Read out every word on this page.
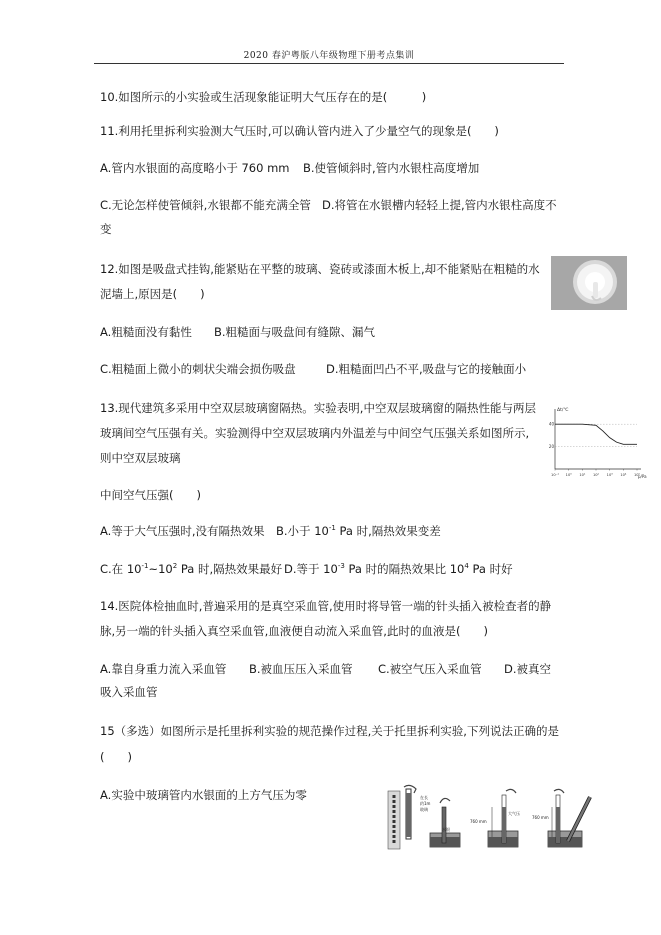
2020 春沪粤版八年级物理下册考点集训
10.如图所示的小实验或生活现象能证明大气压存在的是(　　　)
11.利用托里拆利实验测大气压时,可以确认管内进入了少量空气的现象是(　　)
A.管内水银面的高度略小于 760 mm B.使管倾斜时,管内水银柱高度增加
C.无论怎样使管倾斜,水银都不能充满全管 D.将管在水银槽内轻轻上提,管内水银柱高度不
变
12.如图是吸盘式挂钩,能紧贴在平整的玻璃、瓷砖或漆面木板上,却不能紧贴在粗糙的水
泥墙上,原因是(　　)
A.粗糙面没有黏性 B.粗糙面与吸盘间有缝隙、漏气
C.粗糙面上微小的刺状尖端会损伤吸盘	D.粗糙面凹凸不平,吸盘与它的接触面小
13.现代建筑多采用中空双层玻璃窗隔热。实验表明,中空双层玻璃窗的隔热性能与两层
玻璃间空气压强有关。实验测得中空双层玻璃内外温差与中间空气压强关系如图所示,
则中空双层玻璃
中间空气压强(　　)
Δt/℃
p/Pa
20
40
10⁻¹ 10⁰ 10¹ 10² 10³ 10⁴ 10⁵
A.等于大气压强时,没有隔热效果 B.小于 $10^{-1}$ Pa 时,隔热效果变差
C.在 $10^{-1}\sim 10^2$ Pa 时,隔热效果最好 D.等于 $10^{-3}$ Pa 时的隔热效果比 $10^4$ Pa 时好
14.医院体检抽血时,普遍采用的是真空采血管,使用时将导管一端的针头插入被检查者的静
脉,另一端的针头插入真空采血管,血液便自动流入采血管,此时的血液是(　　)
A.靠自身重力流入采血管 B.被血压压入采血管 C.被空气压入采血管 D.被真空
吸入采血管
15（多选）如图所示是托里拆利实验的规范操作过程,关于托里拆利实验,下列说法正确的是
(　　)
A.实验中玻璃管内水银面的上方气压为零	在长
约1m
玻璃
水银
760 mm
大气压
760 mm
